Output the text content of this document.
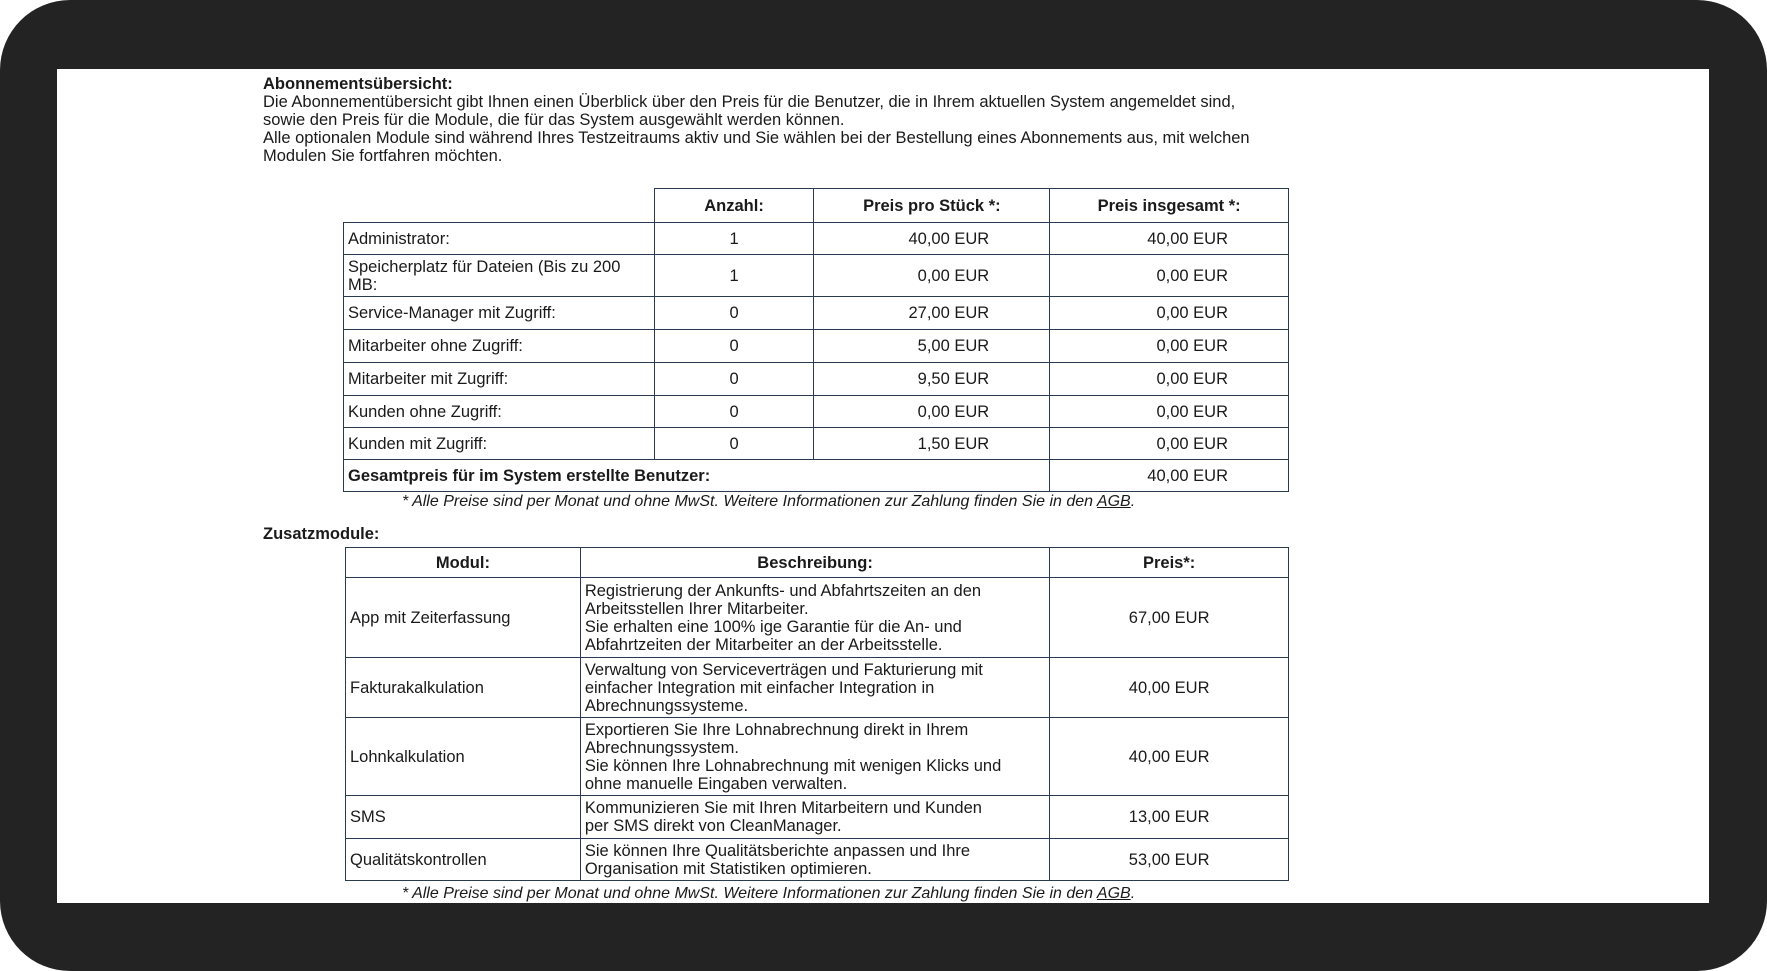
Abonnementsübersicht:

Die Abonnementübersicht gibt Ihnen einen Überblick über den Preis für die Benutzer, die in Ihrem aktuellen System angemeldet sind,

sowie den Preis für die Module, die für das System ausgewählt werden können.

Alle optionalen Module sind während Ihres Testzeitraums aktiv und Sie wählen bei der Bestellung eines Abonnements aus, mit welchen

Modulen Sie fortfahren möchten.

	Anzahl:	Preis pro Stück *:	Preis insgesamt *:
Administrator:	1	40,00 EUR	40,00 EUR
Speicherplatz für Dateien (Bis zu 200 MB:	1	0,00 EUR	0,00 EUR
Service-Manager mit Zugriff:	0	27,00 EUR	0,00 EUR
Mitarbeiter ohne Zugriff:	0	5,00 EUR	0,00 EUR
Mitarbeiter mit Zugriff:	0	9,50 EUR	0,00 EUR
Kunden ohne Zugriff:	0	0,00 EUR	0,00 EUR
Kunden mit Zugriff:	0	1,50 EUR	0,00 EUR
Gesamtpreis für im System erstellte Benutzer:			40,00 EUR
* Alle Preise sind per Monat und ohne MwSt. Weitere Informationen zur Zahlung finden Sie in den AGB.
Zusatzmodule:
Modul:	Beschreibung:	Preis*:
App mit Zeiterfassung	Registrierung der Ankunfts- und Abfahrtszeiten an den
Arbeitsstellen Ihrer Mitarbeiter.
Sie erhalten eine 100% ige Garantie für die An- und
Abfahrtzeiten der Mitarbeiter an der Arbeitsstelle.	67,00 EUR
Fakturakalkulation	Verwaltung von Serviceverträgen und Fakturierung mit
einfacher Integration mit einfacher Integration in
Abrechnungssysteme.	40,00 EUR
Lohnkalkulation	Exportieren Sie Ihre Lohnabrechnung direkt in Ihrem
Abrechnungssystem.
Sie können Ihre Lohnabrechnung mit wenigen Klicks und
ohne manuelle Eingaben verwalten.	40,00 EUR
SMS	Kommunizieren Sie mit Ihren Mitarbeitern und Kunden
per SMS direkt von CleanManager.	13,00 EUR
Qualitätskontrollen	Sie können Ihre Qualitätsberichte anpassen und Ihre
Organisation mit Statistiken optimieren.	53,00 EUR
* Alle Preise sind per Monat und ohne MwSt. Weitere Informationen zur Zahlung finden Sie in den AGB.
